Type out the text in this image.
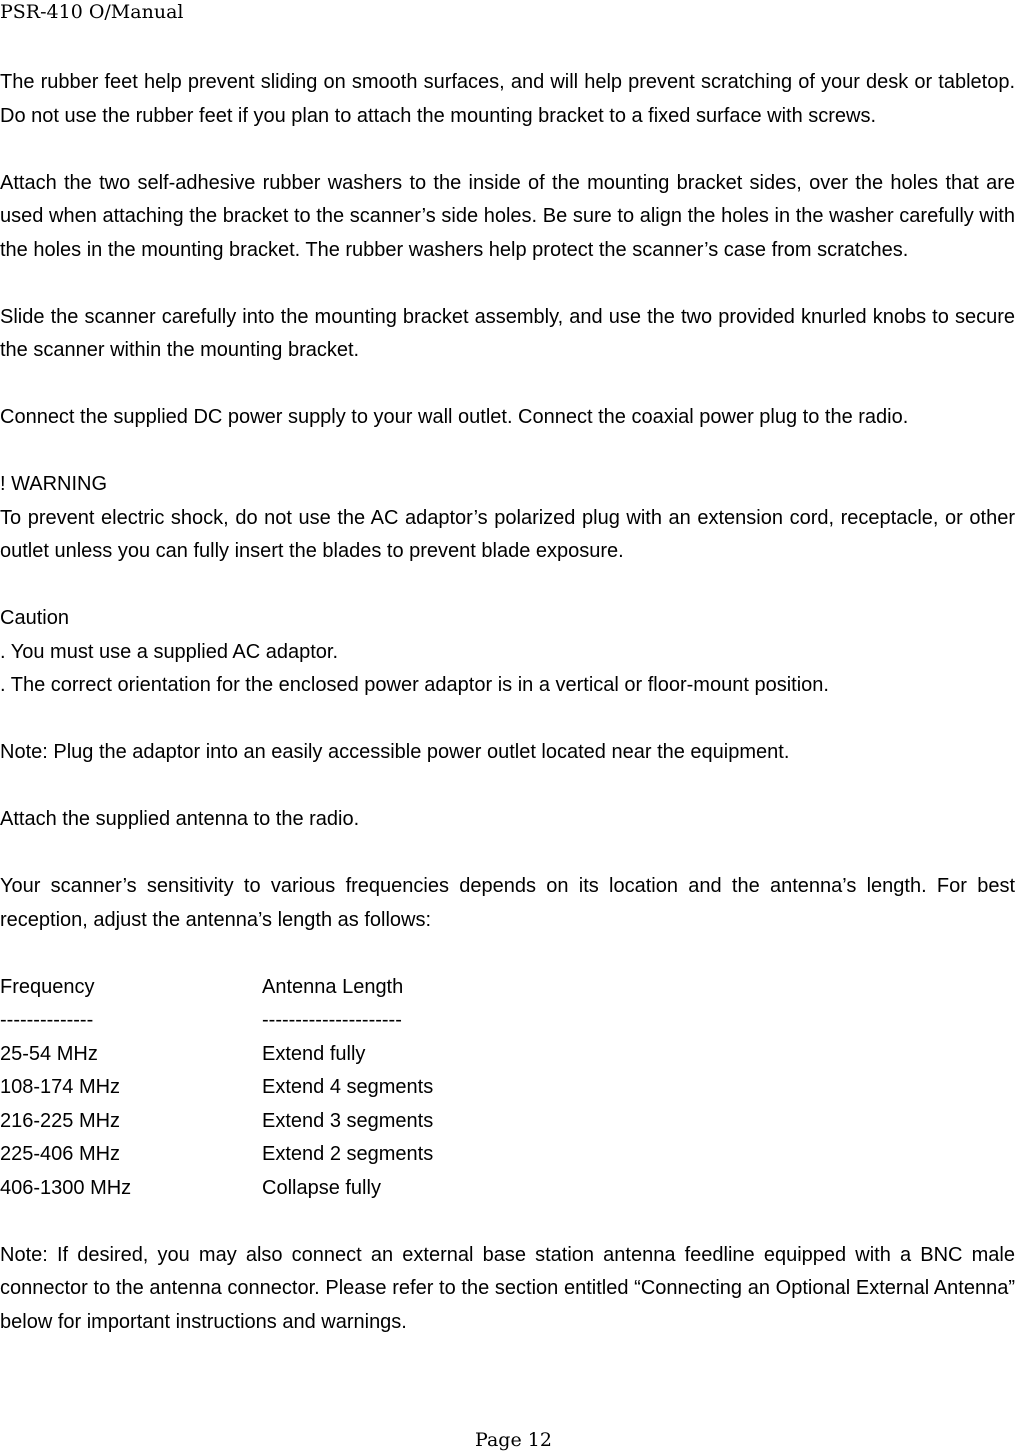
PSR-410 O/Manual

The rubber feet help prevent sliding on smooth surfaces, and will help prevent scratching of your desk or tabletop. Do not use the rubber feet if you plan to attach the mounting bracket to a fixed surface with screws.

Attach the two self-adhesive rubber washers to the inside of the mounting bracket sides, over the holes that are used when attaching the bracket to the scanner’s side holes. Be sure to align the holes in the washer carefully with the holes in the mounting bracket. The rubber washers help protect the scanner’s case from scratches.

Slide the scanner carefully into the mounting bracket assembly, and use the two provided knurled knobs to secure the scanner within the mounting bracket.

Connect the supplied DC power supply to your wall outlet. Connect the coaxial power plug to the radio.

! WARNING

To prevent electric shock, do not use the AC adaptor’s polarized plug with an extension cord, receptacle, or other outlet unless you can fully insert the blades to prevent blade exposure.

Caution

. You must use a supplied AC adaptor.

. The correct orientation for the enclosed power adaptor is in a vertical or floor-mount position.

Note: Plug the adaptor into an easily accessible power outlet located near the equipment.

Attach the supplied antenna to the radio.

Your scanner’s sensitivity to various frequencies depends on its location and the antenna’s length. For best reception, adjust the antenna’s length as follows:

Frequency	Antenna Length
--------------	---------------------
25-54 MHz	Extend fully
108-174 MHz	Extend 4 segments
216-225 MHz	Extend 3 segments
225-406 MHz	Extend 2 segments
406-1300 MHz	Collapse fully

Note: If desired, you may also connect an external base station antenna feedline equipped with a BNC male connector to the antenna connector. Please refer to the section entitled “Connecting an Optional External Antenna” below for important instructions and warnings.

Page 12
